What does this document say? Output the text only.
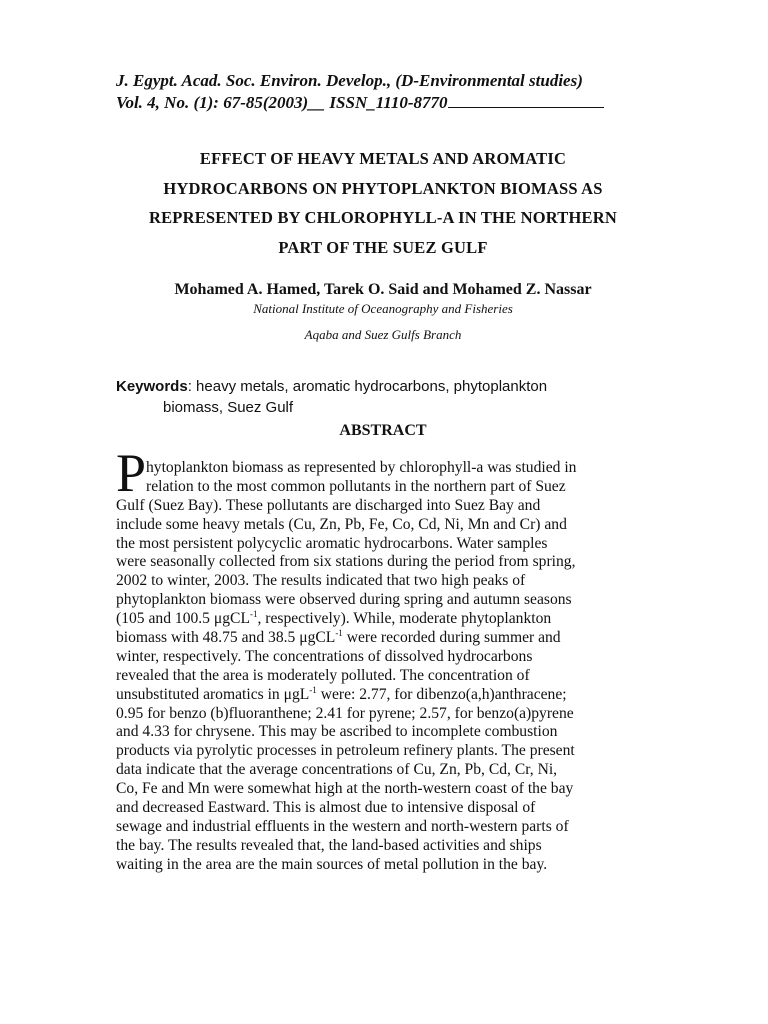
J. Egypt. Acad. Soc. Environ. Develop., (D-Environmental studies)
Vol. 4, No. (1): 67-85(2003)__ ISSN_1110-8770
EFFECT OF HEAVY METALS AND AROMATIC
HYDROCARBONS ON PHYTOPLANKTON BIOMASS AS
REPRESENTED BY CHLOROPHYLL-A IN THE NORTHERN
PART OF THE SUEZ GULF
Mohamed A. Hamed, Tarek O. Said and Mohamed Z. Nassar
National Institute of Oceanography and Fisheries
Aqaba and Suez Gulfs Branch
Keywords: heavy metals, aromatic hydrocarbons, phytoplankton
biomass, Suez Gulf
ABSTRACT
P hytoplankton biomass as represented by chlorophyll-a was studied in
relation to the most common pollutants in the northern part of Suez
Gulf (Suez Bay). These pollutants are discharged into Suez Bay and
include some heavy metals (Cu, Zn, Pb, Fe, Co, Cd, Ni, Mn and Cr) and
the most persistent polycyclic aromatic hydrocarbons. Water samples
were seasonally collected from six stations during the period from spring,
2002 to winter, 2003. The results indicated that two high peaks of
phytoplankton biomass were observed during spring and autumn seasons
(105 and 100.5 μgCL$^{-1}$, respectively). While, moderate phytoplankton
biomass with 48.75 and 38.5 μgCL$^{-1}$ were recorded during summer and
winter, respectively. The concentrations of dissolved hydrocarbons
revealed that the area is moderately polluted. The concentration of
unsubstituted aromatics in μgL$^{-1}$ were: 2.77, for dibenzo(a,h)anthracene;
0.95 for benzo (b)fluoranthene; 2.41 for pyrene; 2.57, for benzo(a)pyrene
and 4.33 for chrysene. This may be ascribed to incomplete combustion
products via pyrolytic processes in petroleum refinery plants. The present
data indicate that the average concentrations of Cu, Zn, Pb, Cd, Cr, Ni,
Co, Fe and Mn were somewhat high at the north-western coast of the bay
and decreased Eastward. This is almost due to intensive disposal of
sewage and industrial effluents in the western and north-western parts of
the bay. The results revealed that, the land-based activities and ships
waiting in the area are the main sources of metal pollution in the bay.
